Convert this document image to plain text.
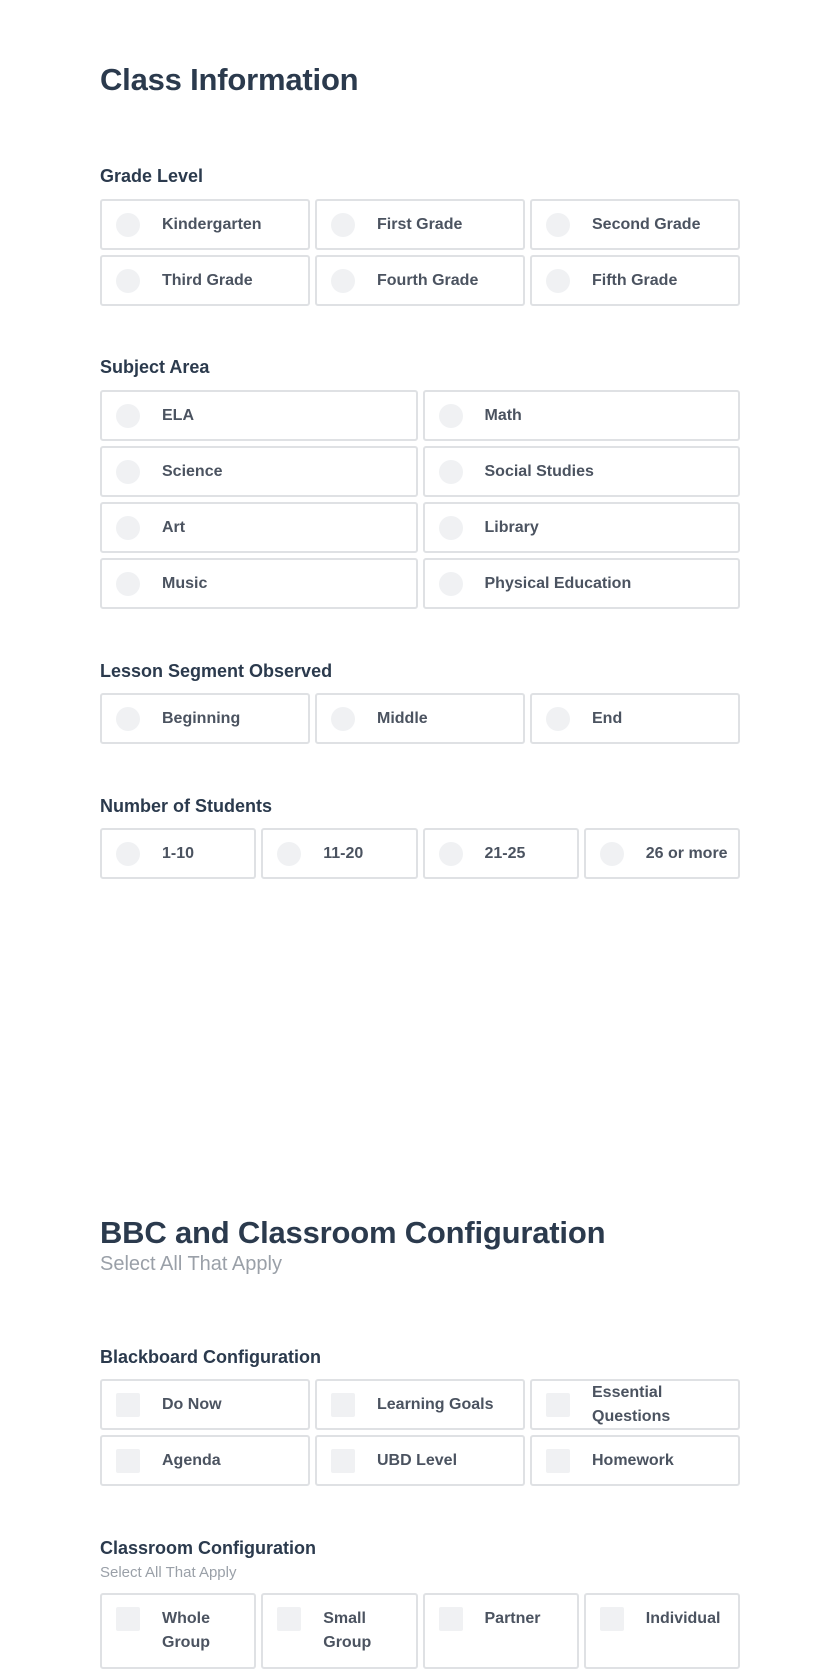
Class Information
Grade Level
Kindergarten	First Grade	Second Grade
Third Grade	Fourth Grade	Fifth Grade
Subject Area
ELA	Math
Science	Social Studies
Art	Library
Music	Physical Education
Lesson Segment Observed
Beginning	Middle	End
Number of Students
1-10	11-20	21-25	26 or more
BBC and Classroom Configuration

Select All That Apply

Blackboard Configuration
Do Now	Learning Goals
Essential Questions
Agenda	UBD Level	Homework
Classroom Configuration

Select All That Apply

Whole Group
Small Group
Partner	Individual
